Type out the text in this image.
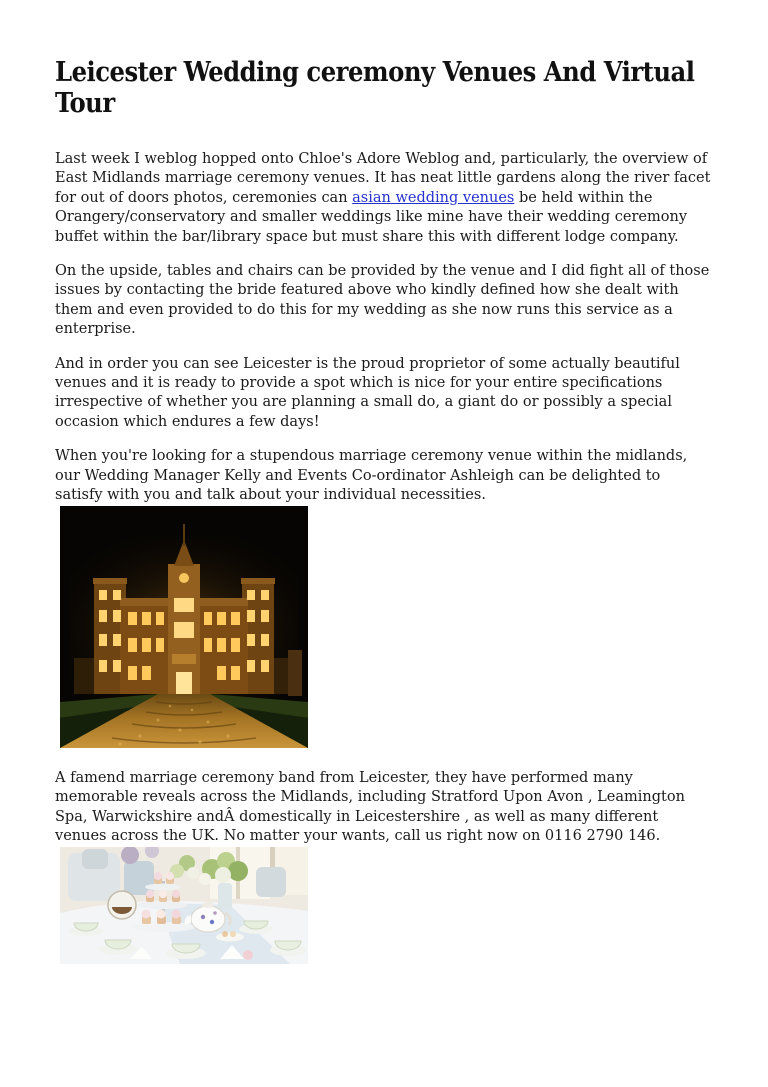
Leicester Wedding ceremony Venues And Virtual Tour

Last week I weblog hopped onto Chloe's Adore Weblog and, particularly, the overview of East Midlands marriage ceremony venues. It has neat little gardens along the river facet for out of doors photos, ceremonies can asian wedding venues be held within the Orangery/conservatory and smaller weddings like mine have their wedding ceremony buffet within the bar/library space but must share this with different lodge company.

On the upside, tables and chairs can be provided by the venue and I did fight all of those issues by contacting the bride featured above who kindly defined how she dealt with them and even provided to do this for my wedding as she now runs this service as a enterprise.

And in order you can see Leicester is the proud proprietor of some actually beautiful venues and it is ready to provide a spot which is nice for your entire specifications irrespective of whether you are planning a small do, a giant do or possibly a special occasion which endures a few days!

When you're looking for a stupendous marriage ceremony venue within the midlands, our Wedding Manager Kelly and Events Co-ordinator Ashleigh can be delighted to satisfy with you and talk about your individual necessities.

A famend marriage ceremony band from Leicester, they have performed many memorable reveals across the Midlands, including Stratford Upon Avon , Leamington Spa, Warwickshire andÂ domestically in Leicestershire , as well as many different venues across the UK. No matter your wants, call us right now on 0116 2790 146.
